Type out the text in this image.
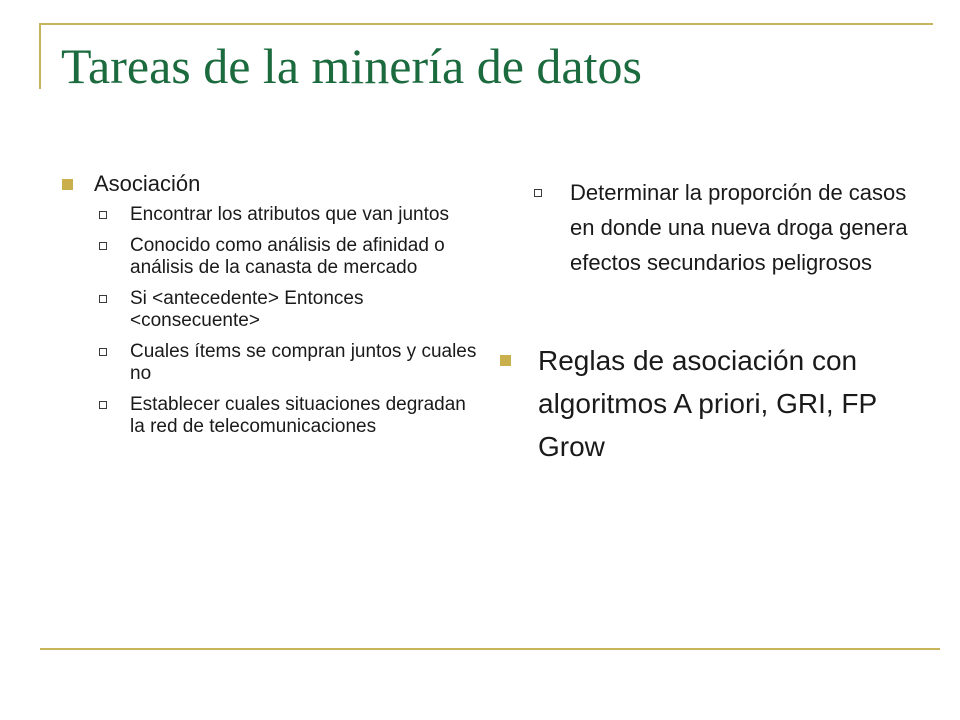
Tareas de la minería de datos
Asociación
Encontrar los atributos que van juntos
Conocido como análisis de afinidad o análisis de la canasta de mercado
Si <antecedente> Entonces <consecuente>
Cuales ítems se compran juntos y cuales no
Establecer cuales situaciones degradan la red de telecomunicaciones
Determinar la proporción de casos en donde una nueva droga genera efectos secundarios peligrosos
Reglas de asociación con algoritmos A priori, GRI, FP Grow
